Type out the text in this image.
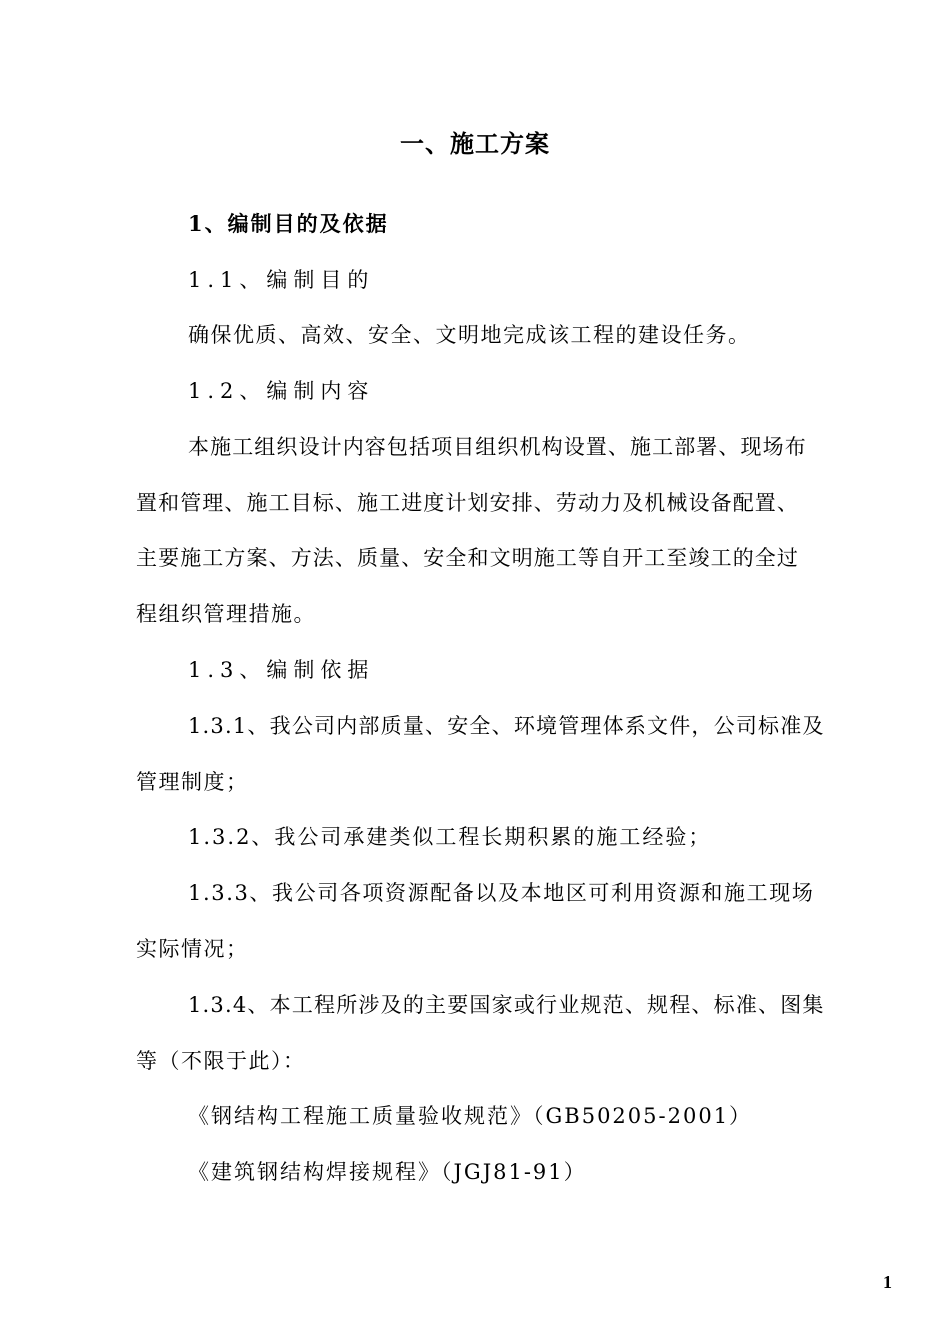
一、施工方案
1、编制目的及依据
1.1、编制目的
确保优质、高效、安全、文明地完成该工程的建设任务。
1.2、编制内容
本施工组织设计内容包括项目组织机构设置、施工部署、现场布
置和管理、施工目标、施工进度计划安排、劳动力及机械设备配置、
主要施工方案、方法、质量、安全和文明施工等自开工至竣工的全过
程组织管理措施。
1.3、编制依据
1.3.1、我公司内部质量、安全、环境管理体系文件，公司标准及
管理制度；
1.3.2、我公司承建类似工程长期积累的施工经验；
1.3.3、我公司各项资源配备以及本地区可利用资源和施工现场
实际情况；
1.3.4、本工程所涉及的主要国家或行业规范、规程、标准、图集
等（不限于此）：
《钢结构工程施工质量验收规范》（GB50205-2001）
《建筑钢结构焊接规程》（JGJ81-91）
1
